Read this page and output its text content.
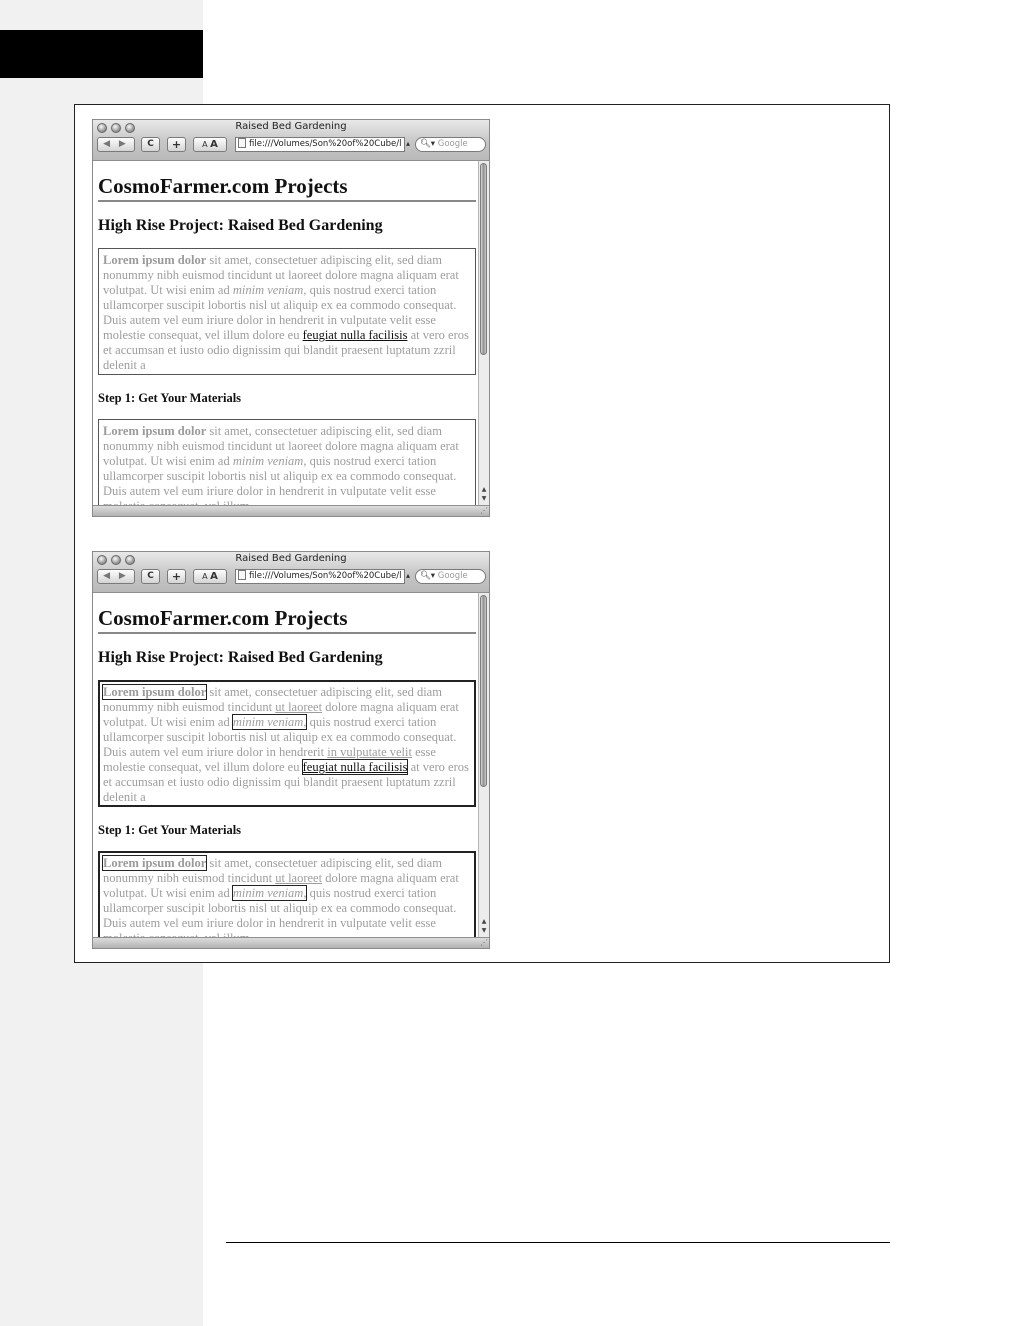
Raised Bed Gardening
◀ ▶	C	+	A A	file:///Volumes/Son%20of%20Cube/l ▴	🔍︎▾ Google
CosmoFarmer.com Projects
High Rise Project: Raised Bed Gardening
Lorem ipsum dolor sit amet, consectetuer adipiscing elit, sed diam nonummy nibh euismod tincidunt ut laoreet dolore magna aliquam erat volutpat. Ut wisi enim ad minim veniam, quis nostrud exerci tation ullamcorper suscipit lobortis nisl ut aliquip ex ea commodo consequat. Duis autem vel eum iriure dolor in hendrerit in vulputate velit esse molestie consequat, vel illum dolore eu feugiat nulla facilisis at vero eros et accumsan et iusto odio dignissim qui blandit praesent luptatum zzril delenit a
Step 1: Get Your Materials
Lorem ipsum dolor sit amet, consectetuer adipiscing elit, sed diam nonummy nibh euismod tincidunt ut laoreet dolore magna aliquam erat volutpat. Ut wisi enim ad minim veniam, quis nostrud exerci tation ullamcorper suscipit lobortis nisl ut aliquip ex ea commodo consequat. Duis autem vel eum iriure dolor in hendrerit in vulputate velit esse	▲
▼
⋰
Raised Bed Gardening
◀ ▶	C	+	A A	file:///Volumes/Son%20of%20Cube/l ▴	🔍︎▾ Google
CosmoFarmer.com Projects
High Rise Project: Raised Bed Gardening
Lorem ipsum dolor sit amet, consectetuer adipiscing elit, sed diam nonummy nibh euismod tincidunt ut laoreet dolore magna aliquam erat volutpat. Ut wisi enim ad minim veniam, quis nostrud exerci tation ullamcorper suscipit lobortis nisl ut aliquip ex ea commodo consequat. Duis autem vel eum iriure dolor in hendrerit in vulputate velit esse molestie consequat, vel illum dolore eu feugiat nulla facilisis at vero eros et accumsan et iusto odio dignissim qui blandit praesent luptatum zzril delenit a
Step 1: Get Your Materials
Lorem ipsum dolor sit amet, consectetuer adipiscing elit, sed diam nonummy nibh euismod tincidunt ut laoreet dolore magna aliquam erat volutpat. Ut wisi enim ad minim veniam, quis nostrud exerci tation ullamcorper suscipit lobortis nisl ut aliquip ex ea commodo consequat. Duis autem vel eum iriure dolor in hendrerit in vulputate velit esse	▲
▼
⋰
